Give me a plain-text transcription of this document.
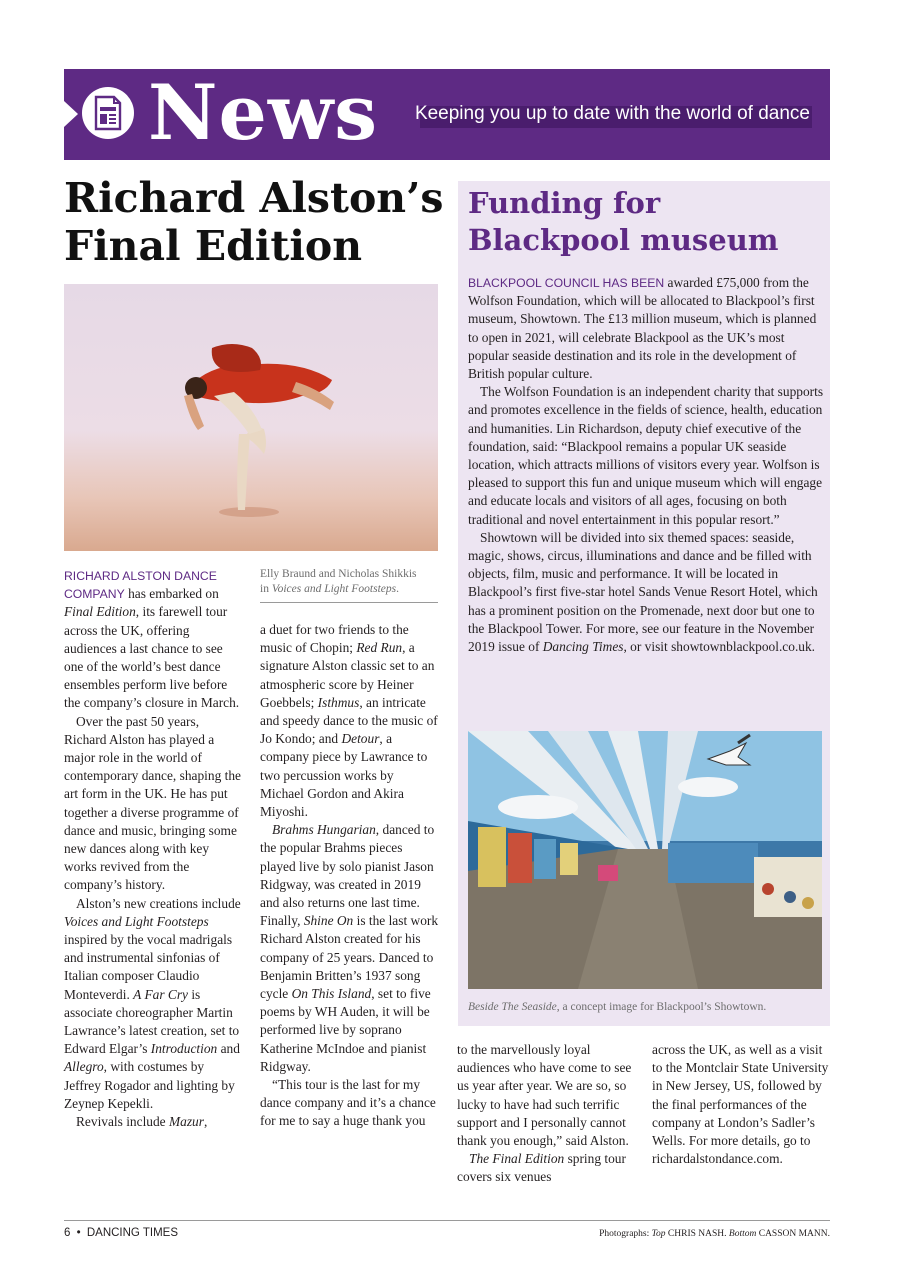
News Keeping you up to date with the world of dance
Richard Alston’s
Final Edition
Elly Braund and Nicholas Shikkis
in Voices and Light Footsteps.

RICHARD ALSTON DANCE COMPANY has embarked on Final Edition, its farewell tour across the UK, offering audiences a last chance to see one of the world’s best dance ensembles perform live before the company’s closure in March.

Over the past 50 years, Richard Alston has played a major role in the world of contemporary dance, shaping the art form in the UK. He has put together a diverse programme of dance and music, bringing some new dances along with key works revived from the company’s history.

Alston’s new creations include Voices and Light Footsteps inspired by the vocal madrigals and instrumental sinfonias of Italian composer Claudio Monteverdi. A Far Cry is associate choreographer Martin Lawrance’s latest creation, set to Edward Elgar’s Introduction and Allegro, with costumes by Jeffrey Rogador and lighting by Zeynep Kepekli.

Revivals include Mazur,

a duet for two friends to the music of Chopin; Red Run, a signature Alston classic set to an atmospheric score by Heiner Goebbels; Isthmus, an intricate and speedy dance to the music of Jo Kondo; and Detour, a company piece by Lawrance to two percussion works by Michael Gordon and Akira Miyoshi.

Brahms Hungarian, danced to the popular Brahms pieces played live by solo pianist Jason Ridgway, was created in 2019 and also returns one last time. Finally, Shine On is the last work Richard Alston created for his company of 25 years. Danced to Benjamin Britten’s 1937 song cycle On This Island, set to five poems by WH Auden, it will be performed live by soprano Katherine McIndoe and pianist Ridgway.

“This tour is the last for my dance company and it’s a chance for me to say a huge thank you

Funding for
Blackpool museum

BLACKPOOL COUNCIL HAS BEEN awarded £75,000 from the Wolfson Foundation, which will be allocated to Blackpool’s first museum, Showtown. The £13 million museum, which is planned to open in 2021, will celebrate Blackpool as the UK’s most popular seaside destination and its role in the development of British popular culture.

The Wolfson Foundation is an independent charity that supports and promotes excellence in the fields of science, health, education and humanities. Lin Richardson, deputy chief executive of the foundation, said: “Blackpool remains a popular UK seaside location, which attracts millions of visitors every year. Wolfson is pleased to support this fun and unique museum which will engage and educate locals and visitors of all ages, focusing on both traditional and novel entertainment in this popular resort.”

Showtown will be divided into six themed spaces: seaside, magic, shows, circus, illuminations and dance and be filled with objects, film, music and performance. It will be located in Blackpool’s first five-star hotel Sands Venue Resort Hotel, which has a prominent position on the Promenade, next door but one to the Blackpool Tower. For more, see our feature in the November 2019 issue of Dancing Times, or visit showtownblackpool.co.uk.

Beside The Seaside, a concept image for Blackpool’s Showtown.

to the marvellously loyal audiences who have come to see us year after year. We are so, so lucky to have had such terrific support and I personally cannot thank you enough,” said Alston.

The Final Edition spring tour covers six venues

across the UK, as well as a visit to the Montclair State University in New Jersey, US, followed by the final performances of the company at London’s Sadler’s Wells. For more details, go to richardalstondance.com.

6 • DANCING TIMES	Photographs: Top CHRIS NASH. Bottom CASSON MANN.
